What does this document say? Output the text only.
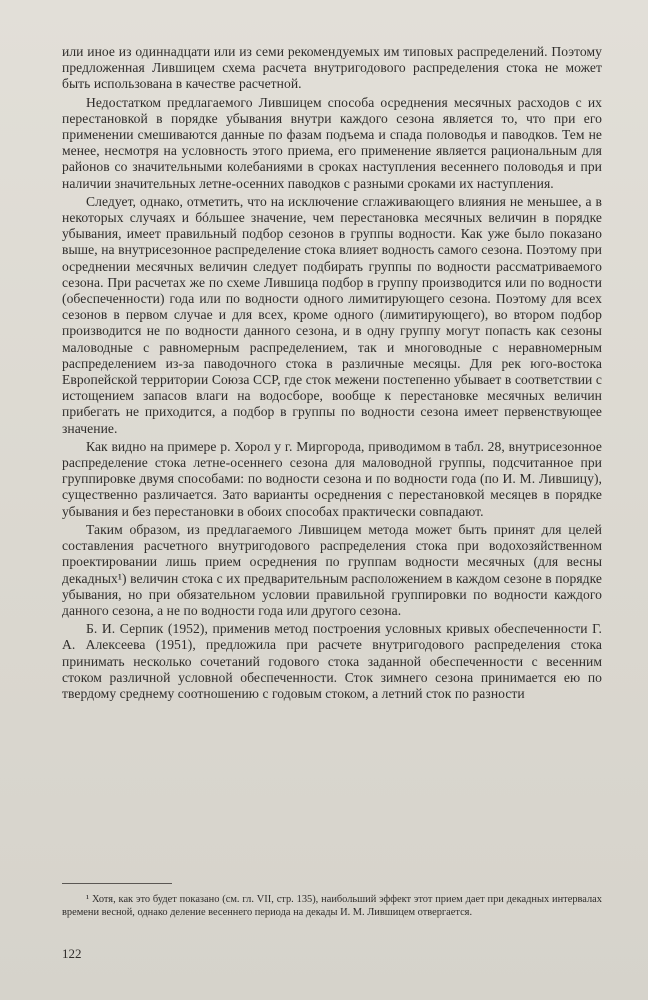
или иное из одиннадцати или из семи рекомендуемых им типовых распределений. Поэтому предложенная Лившицем схема расчета внутригодового распределения стока не может быть использована в качестве расчетной.

Недостатком предлагаемого Лившицем способа осреднения месячных расходов с их перестановкой в порядке убывания внутри каждого сезона является то, что при его применении смешиваются данные по фазам подъема и спада половодья и паводков. Тем не менее, несмотря на условность этого приема, его применение является рациональным для районов со значительными колебаниями в сроках наступления весеннего половодья и при наличии значительных летне-осенних паводков с разными сроками их наступления.

Следует, однако, отметить, что на исключение сглаживающего влияния не меньшее, а в некоторых случаях и бóльшее значение, чем перестановка месячных величин в порядке убывания, имеет правильный подбор сезонов в группы водности. Как уже было показано выше, на внутрисезонное распределение стока влияет водность самого сезона. Поэтому при осреднении месячных величин следует подбирать группы по водности рассматриваемого сезона. При расчетах же по схеме Лившица подбор в группу производится или по водности (обеспеченности) года или по водности одного лимитирующего сезона. Поэтому для всех сезонов в первом случае и для всех, кроме одного (лимитирующего), во втором подбор производится не по водности данного сезона, и в одну группу могут попасть как сезоны маловодные с равномерным распределением, так и многоводные с неравномерным распределением из-за паводочного стока в различные месяцы. Для рек юго-востока Европейской территории Союза ССР, где сток межени постепенно убывает в соответствии с истощением запасов влаги на водосборе, вообще к перестановке месячных величин прибегать не приходится, а подбор в группы по водности сезона имеет первенствующее значение.

Как видно на примере р. Хорол у г. Миргорода, приводимом в табл. 28, внутрисезонное распределение стока летне-осеннего сезона для маловодной группы, подсчитанное при группировке двумя способами: по водности сезона и по водности года (по И. М. Лившицу), существенно различается. Зато варианты осреднения с перестановкой месяцев в порядке убывания и без перестановки в обоих способах практически совпадают.

Таким образом, из предлагаемого Лившицем метода может быть принят для целей составления расчетного внутригодового распределения стока при водохозяйственном проектировании лишь прием осреднения по группам водности месячных (для весны декадных¹) величин стока с их предварительным расположением в каждом сезоне в порядке убывания, но при обязательном условии правильной группировки по водности каждого данного сезона, а не по водности года или другого сезона.

Б. И. Серпик (1952), применив метод построения условных кривых обеспеченности Г. А. Алексеева (1951), предложила при расчете внутригодового распределения стока принимать несколько сочетаний годового стока заданной обеспеченности с весенним стоком различной условной обеспеченности. Сток зимнего сезона принимается ею по твердому среднему соотношению с годовым стоком, а летний сток по разности

¹ Хотя, как это будет показано (см. гл. VII, стр. 135), наибольший эффект этот прием дает при декадных интервалах времени весной, однако деление весеннего периода на декады И. М. Лившицем отвергается.

122
